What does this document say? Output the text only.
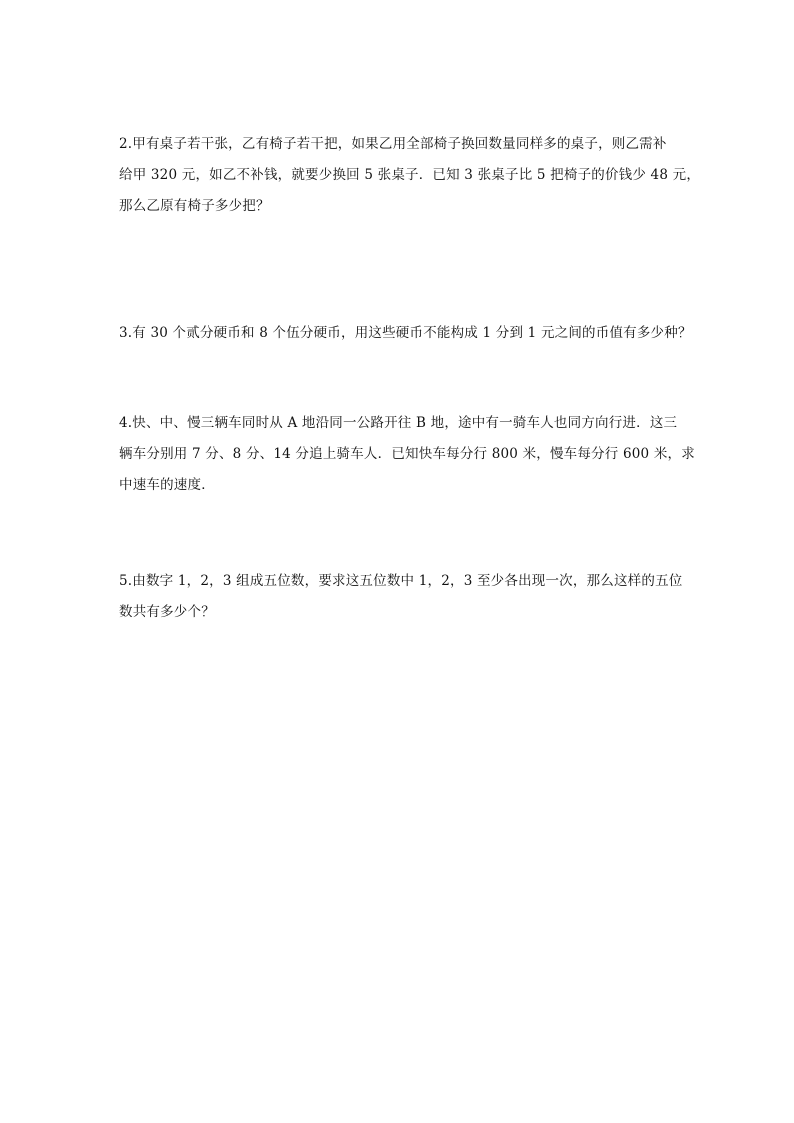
2.甲有桌子若干张，乙有椅子若干把，如果乙用全部椅子换回数量同样多的桌子，则乙需补
给甲 320 元，如乙不补钱，就要少换回 5 张桌子．已知 3 张桌子比 5 把椅子的价钱少 48 元，
那么乙原有椅子多少把？
3.有 30 个贰分硬币和 8 个伍分硬币，用这些硬币不能构成 1 分到 1 元之间的币值有多少种？
4.快、中、慢三辆车同时从 A 地沿同一公路开往 B 地，途中有一骑车人也同方向行进．这三
辆车分别用 7 分、8 分、14 分追上骑车人．已知快车每分行 800 米，慢车每分行 600 米，求
中速车的速度．
5.由数字 1，2，3 组成五位数，要求这五位数中 1，2，3 至少各出现一次，那么这样的五位
数共有多少个？
